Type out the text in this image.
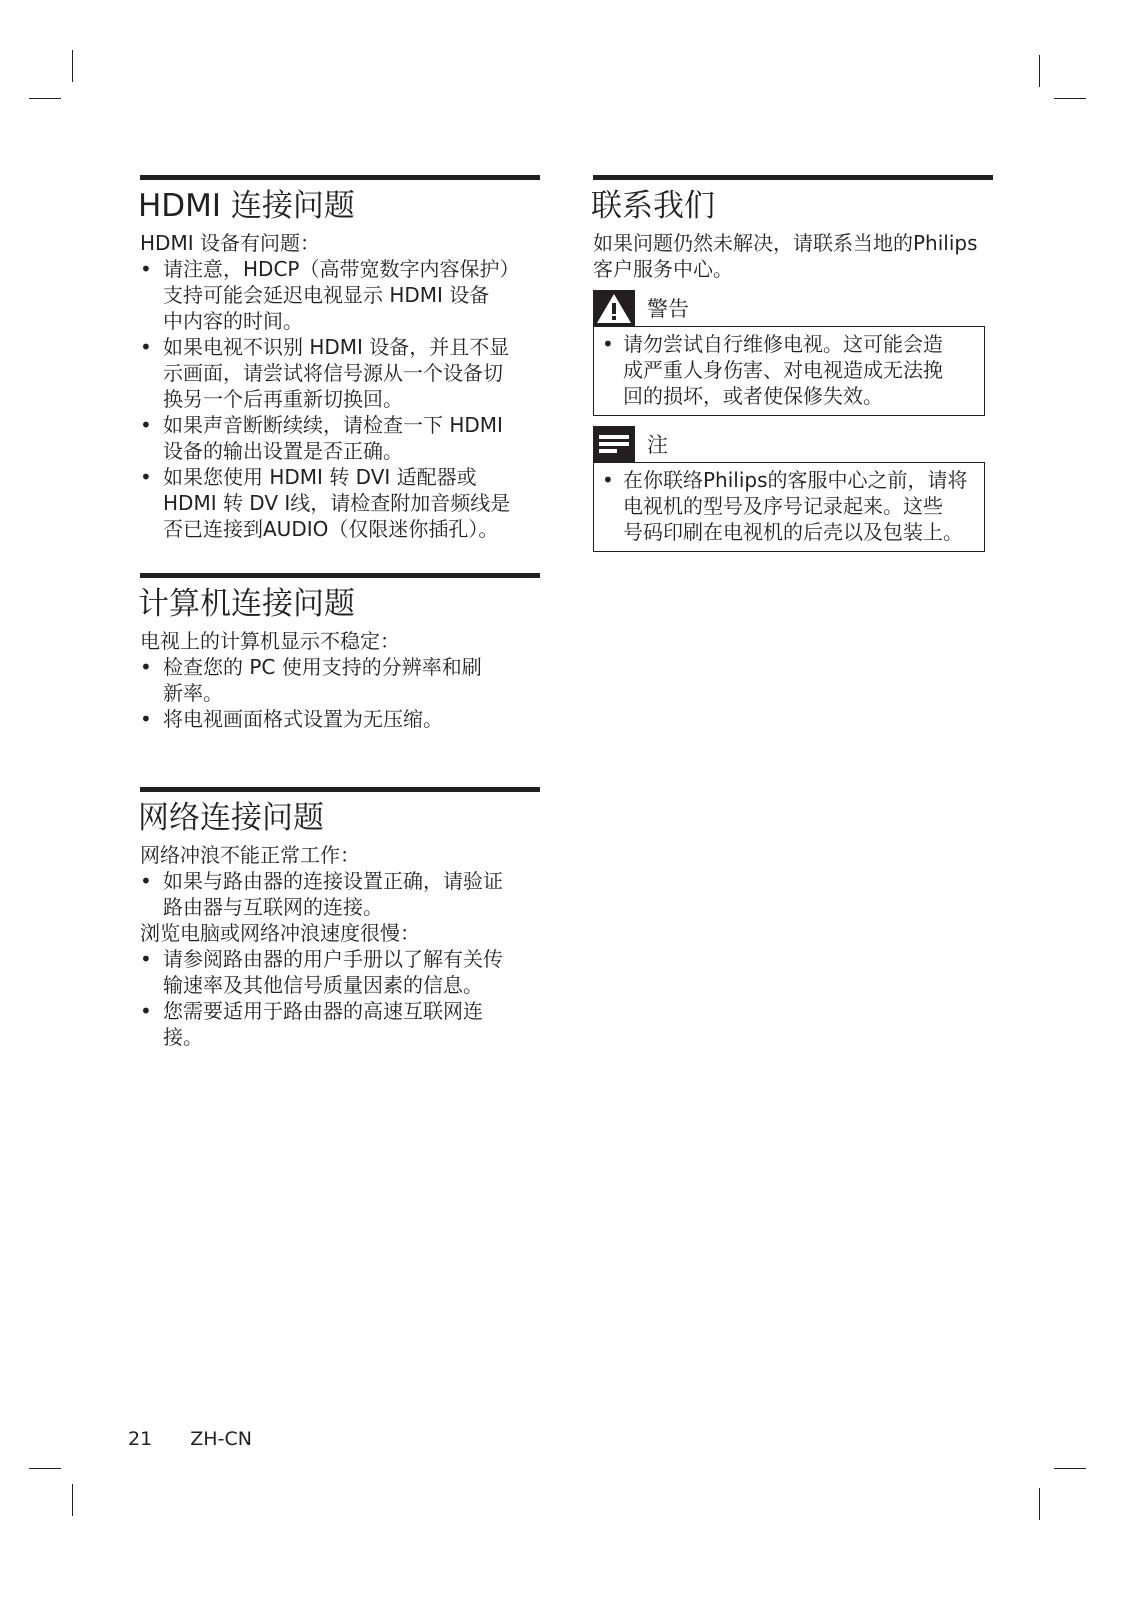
HDMI 连接问题
HDMI 设备有问题：
• 请注意，HDCP（高带宽数字内容保护）
支持可能会延迟电视显示 HDMI 设备
中内容的时间。
• 如果电视不识别 HDMI 设备，并且不显
示画面，请尝试将信号源从一个设备切
换另一个后再重新切换回。
• 如果声音断断续续，请检查一下 HDMI
设备的输出设置是否正确。
• 如果您使用 HDMI 转 DVI 适配器或
HDMI 转 DV I线，请检查附加音频线是
否已连接到AUDIO（仅限迷你插孔）。
计算机连接问题
电视上的计算机显示不稳定：
• 检查您的 PC 使用支持的分辨率和刷
新率。
• 将电视画面格式设置为无压缩。
网络连接问题
网络冲浪不能正常工作：
• 如果与路由器的连接设置正确，请验证
路由器与互联网的连接。
浏览电脑或网络冲浪速度很慢：
• 请参阅路由器的用户手册以了解有关传
输速率及其他信号质量因素的信息。
• 您需要适用于路由器的高速互联网连
接。
联系我们
如果问题仍然未解决，请联系当地的Philips
客户服务中心。
警告
• 请勿尝试自行维修电视。这可能会造
成严重人身伤害、对电视造成无法挽
回的损坏，或者使保修失效。
注
• 在你联络Philips的客服中心之前，请将
电视机的型号及序号记录起来。这些
号码印刷在电视机的后壳以及包装上。
21 ZH-CN
